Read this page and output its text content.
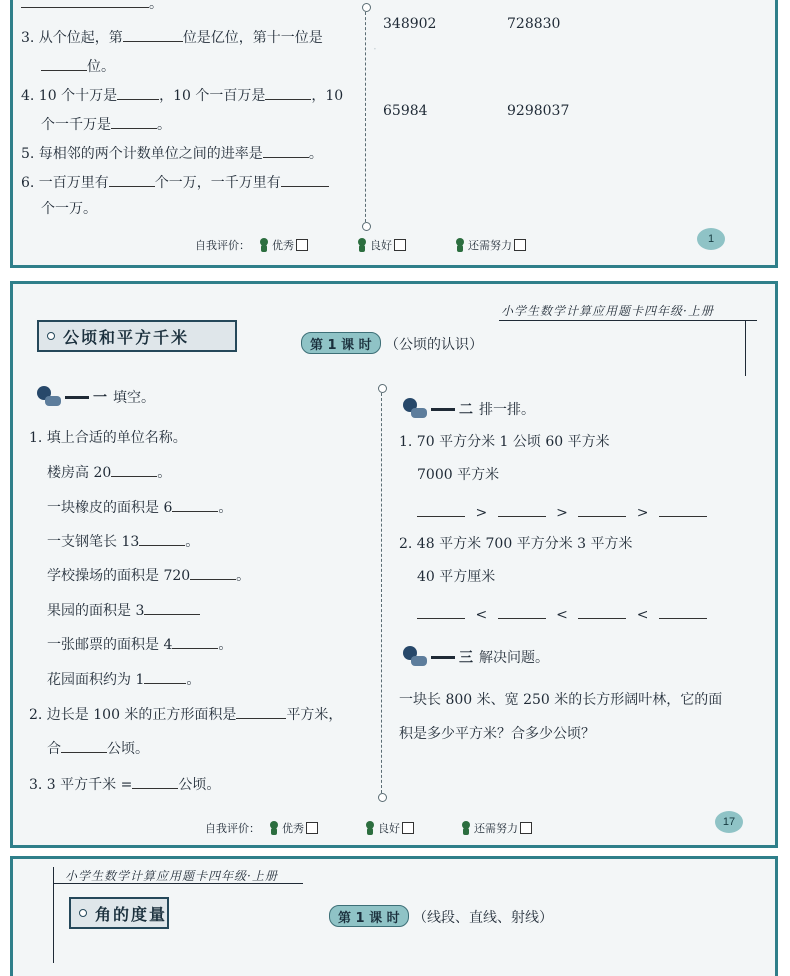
·
。
3. 从个位起，第	位是亿位，第十一位是
位。
4. 10 个十万是	，10 个一百万是	，10
个一千万是	。
5. 每相邻的两个计数单位之间的进率是	。
6. 一百万里有	个一万，一千万里有
个一万。
348902	728830
65984	9298037
自我评价： 优秀	良好	还需努力	1
小学生数学计算应用题卡四年级·上册
公顷和平方千米	第 1 课 时 （公顷的认识）
一 填空。
1. 填上合适的单位名称。
楼房高 20	。
一块橡皮的面积是 6	。
一支钢笔长 13	。
学校操场的面积是 720	。
果园的面积是 3
一张邮票的面积是 4	。
花园面积约为 1	。
2. 边长是 100 米的正方形面积是	平方米，
合	公顷。
3. 3 平方千米 =	公顷。
二 排一排。
1. 70 平方分米 1 公顷 60 平方米
7000 平方米
>	>	>
2. 48 平方米 700 平方分米 3 平方米
40 平方厘米
<	<	<
三 解决问题。
一块长 800 米、宽 250 米的长方形阔叶林，它的面
积是多少平方米？合多少公顷？
自我评价： 优秀	良好	还需努力	17
小学生数学计算应用题卡四年级·上册
角的度量	第 1 课 时 （线段、直线、射线）
